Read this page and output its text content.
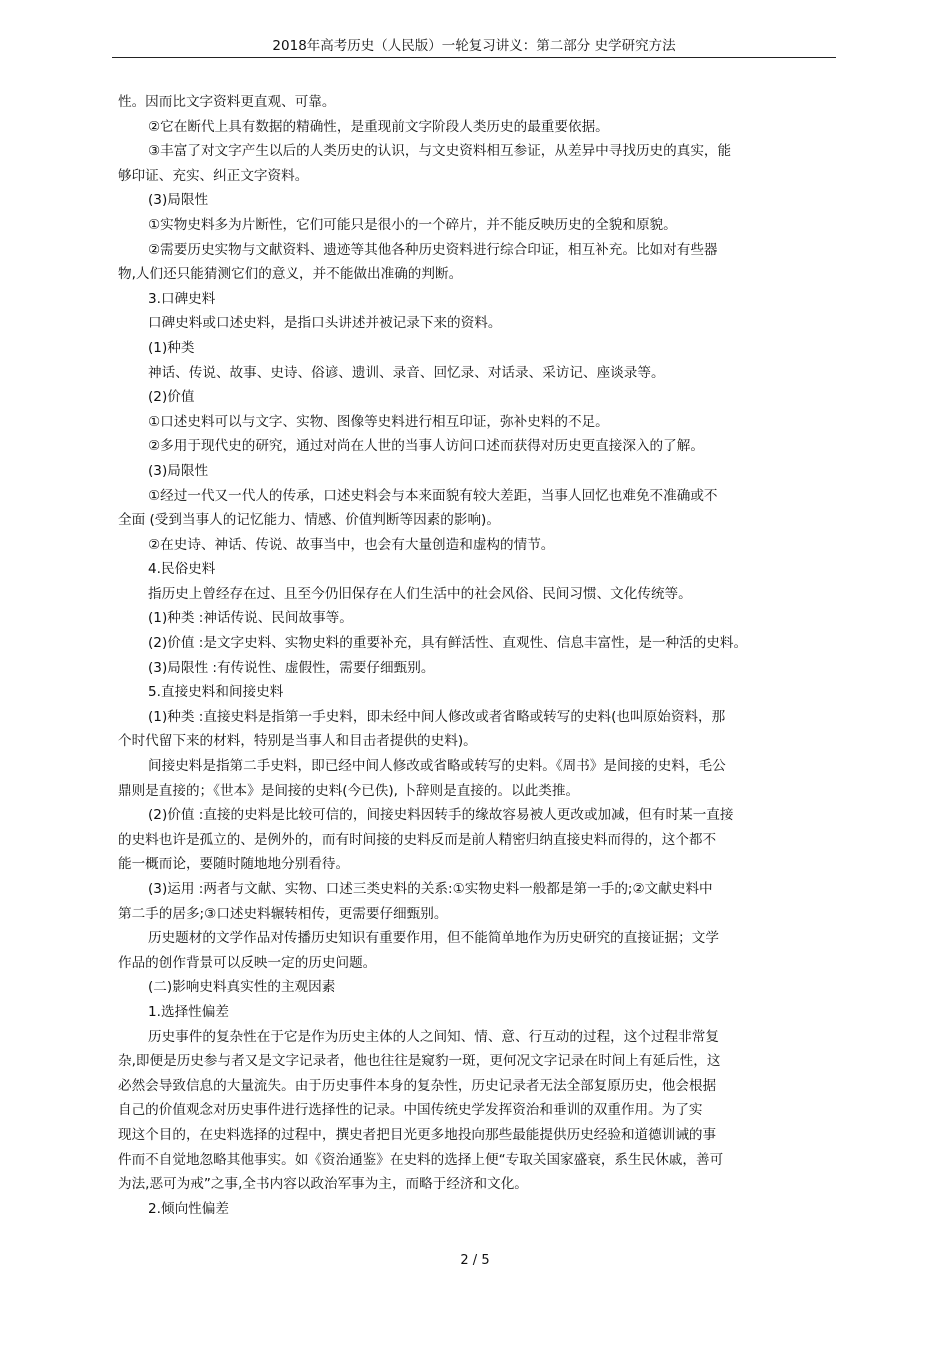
2018年高考历史（人民版）一轮复习讲义：第二部分 史学研究方法
性。因而比文字资料更直观、可靠。
②它在断代上具有数据的精确性，是重现前文字阶段人类历史的最重要依据。
③丰富了对文字产生以后的人类历史的认识，与文史资料相互参证，从差异中寻找历史的真实，能
够印证、充实、纠正文字资料。
(3)局限性
①实物史料多为片断性，它们可能只是很小的一个碎片，并不能反映历史的全貌和原貌。
②需要历史实物与文献资料、遗迹等其他各种历史资料进行综合印证，相互补充。比如对有些器
物,人们还只能猜测它们的意义，并不能做出准确的判断。
3.口碑史料
口碑史料或口述史料，是指口头讲述并被记录下来的资料。
(1)种类
神话、传说、故事、史诗、俗谚、遗训、录音、回忆录、对话录、采访记、座谈录等。
(2)价值
①口述史料可以与文字、实物、图像等史料进行相互印证，弥补史料的不足。
②多用于现代史的研究，通过对尚在人世的当事人访问口述而获得对历史更直接深入的了解。
(3)局限性
①经过一代又一代人的传承，口述史料会与本来面貌有较大差距，当事人回忆也难免不准确或不
全面 (受到当事人的记忆能力、情感、价值判断等因素的影响)。
②在史诗、神话、传说、故事当中，也会有大量创造和虚构的情节。
4.民俗史料
指历史上曾经存在过、且至今仍旧保存在人们生活中的社会风俗、民间习惯、文化传统等。
(1)种类 :神话传说、民间故事等。
(2)价值 :是文字史料、实物史料的重要补充，具有鲜活性、直观性、信息丰富性，是一种活的史料。
(3)局限性 :有传说性、虚假性，需要仔细甄别。
5.直接史料和间接史料
(1)种类 :直接史料是指第一手史料，即未经中间人修改或者省略或转写的史料(也叫原始资料，那
个时代留下来的材料，特别是当事人和目击者提供的史料)。
间接史料是指第二手史料，即已经中间人修改或省略或转写的史料。《周书》是间接的史料，毛公
鼎则是直接的；《世本》是间接的史料(今已佚), 卜辞则是直接的。以此类推。
(2)价值 :直接的史料是比较可信的，间接史料因转手的缘故容易被人更改或加减，但有时某一直接
的史料也许是孤立的、是例外的，而有时间接的史料反而是前人精密归纳直接史料而得的，这个都不
能一概而论，要随时随地地分别看待。
(3)运用 :两者与文献、实物、口述三类史料的关系:①实物史料一般都是第一手的;②文献史料中
第二手的居多;③口述史料辗转相传，更需要仔细甄别。
历史题材的文学作品对传播历史知识有重要作用，但不能简单地作为历史研究的直接证据；文学
作品的创作背景可以反映一定的历史问题。
(二)影响史料真实性的主观因素
1.选择性偏差
历史事件的复杂性在于它是作为历史主体的人之间知、情、意、行互动的过程，这个过程非常复
杂,即便是历史参与者又是文字记录者，他也往往是窥豹一斑，更何况文字记录在时间上有延后性，这
必然会导致信息的大量流失。由于历史事件本身的复杂性，历史记录者无法全部复原历史，他会根据
自己的价值观念对历史事件进行选择性的记录。中国传统史学发挥资治和垂训的双重作用。为了实
现这个目的，在史料选择的过程中，撰史者把目光更多地投向那些最能提供历史经验和道德训诫的事
件而不自觉地忽略其他事实。如《资治通鉴》在史料的选择上便“专取关国家盛衰，系生民休戚，善可
为法,恶可为戒”之事,全书内容以政治军事为主，而略于经济和文化。
2.倾向性偏差
2 / 5
